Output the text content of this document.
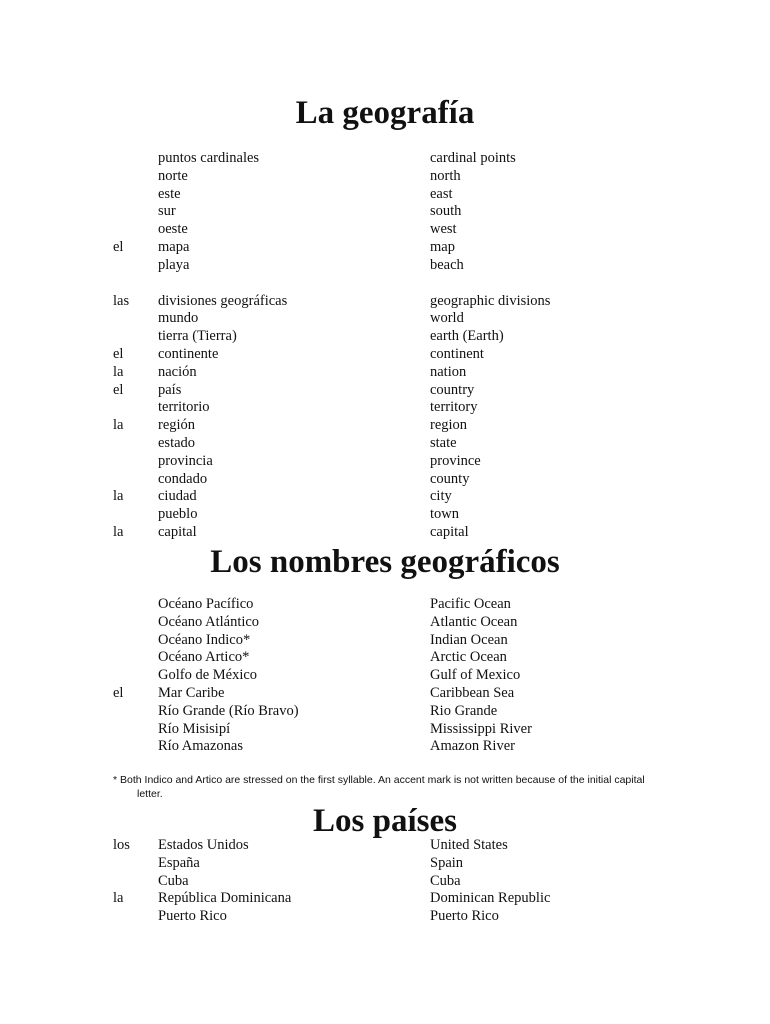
La geografía
puntos cardinales	cardinal points
norte	north
este	east
sur	south
oeste	west
el mapa	map
playa	beach
las divisiones geográficas	geographic divisions
mundo	world
tierra (Tierra)	earth (Earth)
el continente	continent
la nación	nation
el país	country
territorio	territory
la región	region
estado	state
provincia	province
condado	county
la ciudad	city
pueblo	town
la capital	capital
Los nombres geográficos
Océano Pacífico	Pacific Ocean
Océano Atlántico	Atlantic Ocean
Océano Indico*	Indian Ocean
Océano Artico*	Arctic Ocean
Golfo de México	Gulf of Mexico
el Mar Caribe	Caribbean Sea
Río Grande (Río Bravo)	Rio Grande
Río Misisipí	Mississippi River
Río Amazonas	Amazon River
* Both Indico and Artico are stressed on the first syllable. An accent mark is not written because of the initial capital
letter.
Los países
los Estados Unidos	United States
España	Spain
Cuba	Cuba
la República Dominicana	Dominican Republic
Puerto Rico	Puerto Rico
